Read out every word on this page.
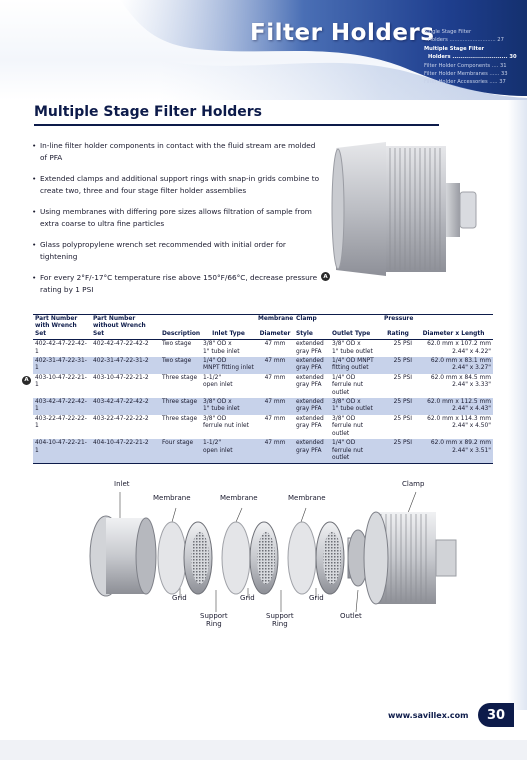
Filter Holders
Single Stage Filter
Holders ............................ 27
Multiple Stage Filter
Holders ............................ 30
Filter Holder Components .... 31
Filter Holder Membranes ...... 33
Filter Holder Accessories ..... 37
Multiple Stage Filter Holders
• In-line filter holder components in contact with the fluid stream are molded of PFA
• Extended clamps and additional support rings with snap-in grids combine to create two, three and four stage filter holder assemblies
• Using membranes with differing pore sizes allows filtration of sample from extra coarse to ultra fine particles
• Glass polypropylene wrench set recommended with initial order for tightening
• For every 2°F/-17°C temperature rise above 150°F/66°C, decrease pressure rating by 1 PSI
A
Part Number	Part Number			Membrane	Clamp		Pressure	
with Wrench Set	without Wrench Set	Description	Inlet Type	Diameter	Style	Outlet Type	Rating	Diameter x Length
402-42-47-22-42-1	402-42-47-22-42-2	Two stage	3/8" OD x
1" tube inlet	47 mm	extended
gray PFA	3/8" OD x
1" tube outlet	25 PSI	62.0 mm x 107.2 mm
2.44" x 4.22"
402-31-47-22-31-1	402-31-47-22-31-2	Two stage	1/4" OD
MNPT fitting inlet	47 mm	extended
gray PFA	1/4" OD MNPT
fitting outlet	25 PSI	62.0 mm x 83.1 mm
2.44" x 3.27"
403-10-47-22-21-1	403-10-47-22-21-2	Three stage	1-1/2"
open inlet	47 mm	extended
gray PFA	1/4" OD
ferrule nut outlet	25 PSI	62.0 mm x 84.5 mm
2.44" x 3.33"
403-42-47-22-42-1	403-42-47-22-42-2	Three stage	3/8" OD x
1" tube inlet	47 mm	extended
gray PFA	3/8" OD x
1" tube outlet	25 PSI	62.0 mm x 112.5 mm
2.44" x 4.43"
403-22-47-22-22-1	403-22-47-22-22-2	Three stage	3/8" OD
ferrule nut inlet	47 mm	extended
gray PFA	3/8" OD
ferrule nut outlet	25 PSI	62.0 mm x 114.3 mm
2.44" x 4.50"
404-10-47-22-21-1	404-10-47-22-21-2	Four stage	1-1/2"
open inlet	47 mm	extended
gray PFA	1/4" OD
ferrule nut outlet	25 PSI	62.0 mm x 89.2 mm
2.44" x 3.51"
Inlet	Clamp
Membrane	Membrane	Membrane
Grid	Grid	Grid
Support
Ring
Support
Ring
Outlet
www.savillex.com	30
A
